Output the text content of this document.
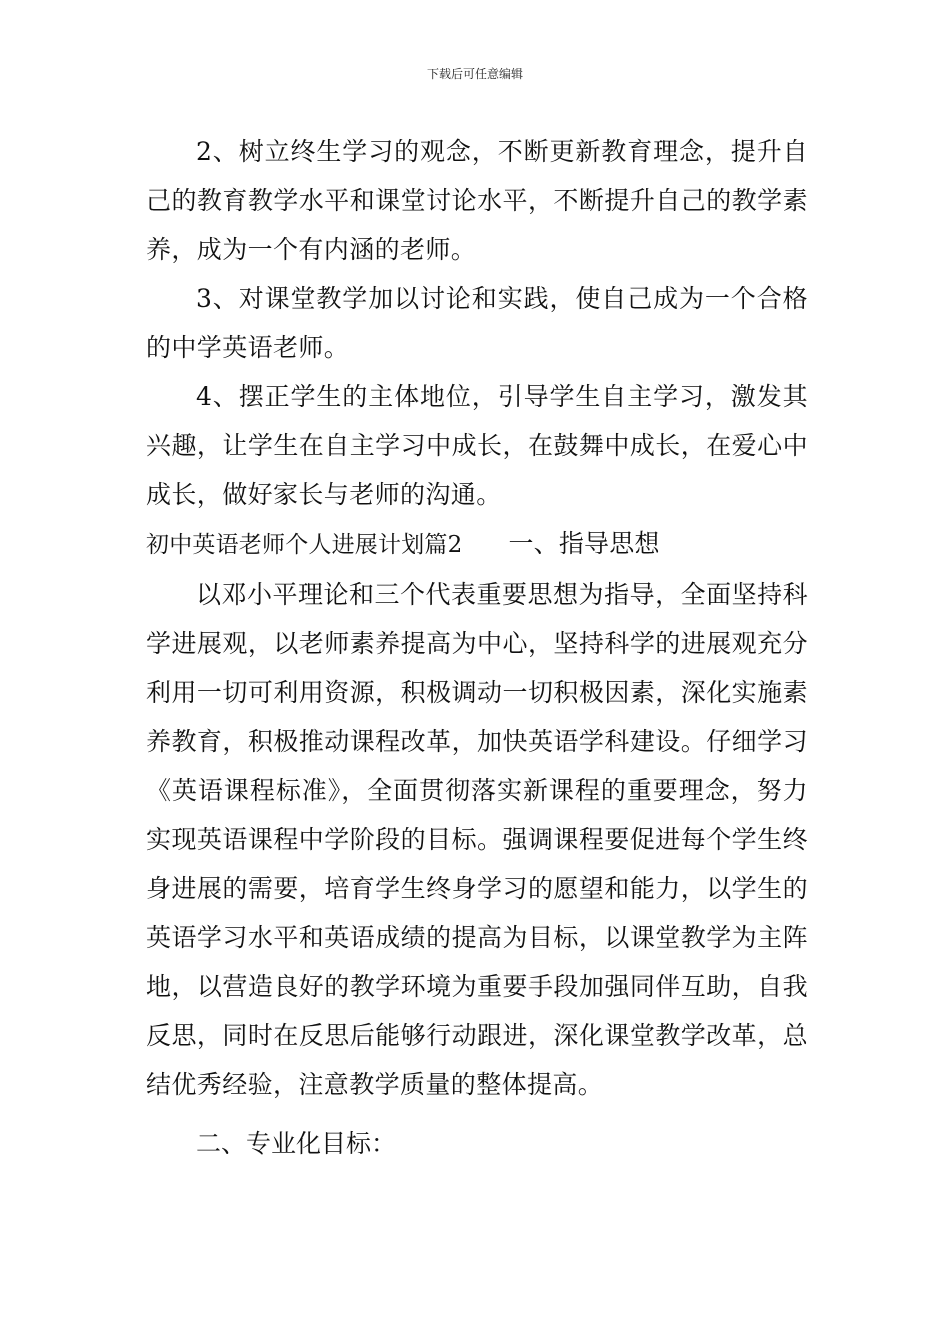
下载后可任意编辑

2、树立终生学习的观念，不断更新教育理念，提升自己的教育教学水平和课堂讨论水平，不断提升自己的教学素养，成为一个有内涵的老师。

3、对课堂教学加以讨论和实践，使自己成为一个合格的中学英语老师。

4、摆正学生的主体地位，引导学生自主学习，激发其兴趣，让学生在自主学习中成长，在鼓舞中成长，在爱心中成长，做好家长与老师的沟通。

初中英语老师个人进展计划篇2 一、指导思想

以邓小平理论和三个代表重要思想为指导，全面坚持科学进展观，以老师素养提高为中心，坚持科学的进展观充分利用一切可利用资源，积极调动一切积极因素，深化实施素养教育，积极推动课程改革，加快英语学科建设。仔细学习《英语课程标准》，全面贯彻落实新课程的重要理念，努力实现英语课程中学阶段的目标。强调课程要促进每个学生终身进展的需要，培育学生终身学习的愿望和能力，以学生的英语学习水平和英语成绩的提高为目标，以课堂教学为主阵地，以营造良好的教学环境为重要手段加强同伴互助，自我反思，同时在反思后能够行动跟进，深化课堂教学改革，总结优秀经验，注意教学质量的整体提高。

二、专业化目标：
